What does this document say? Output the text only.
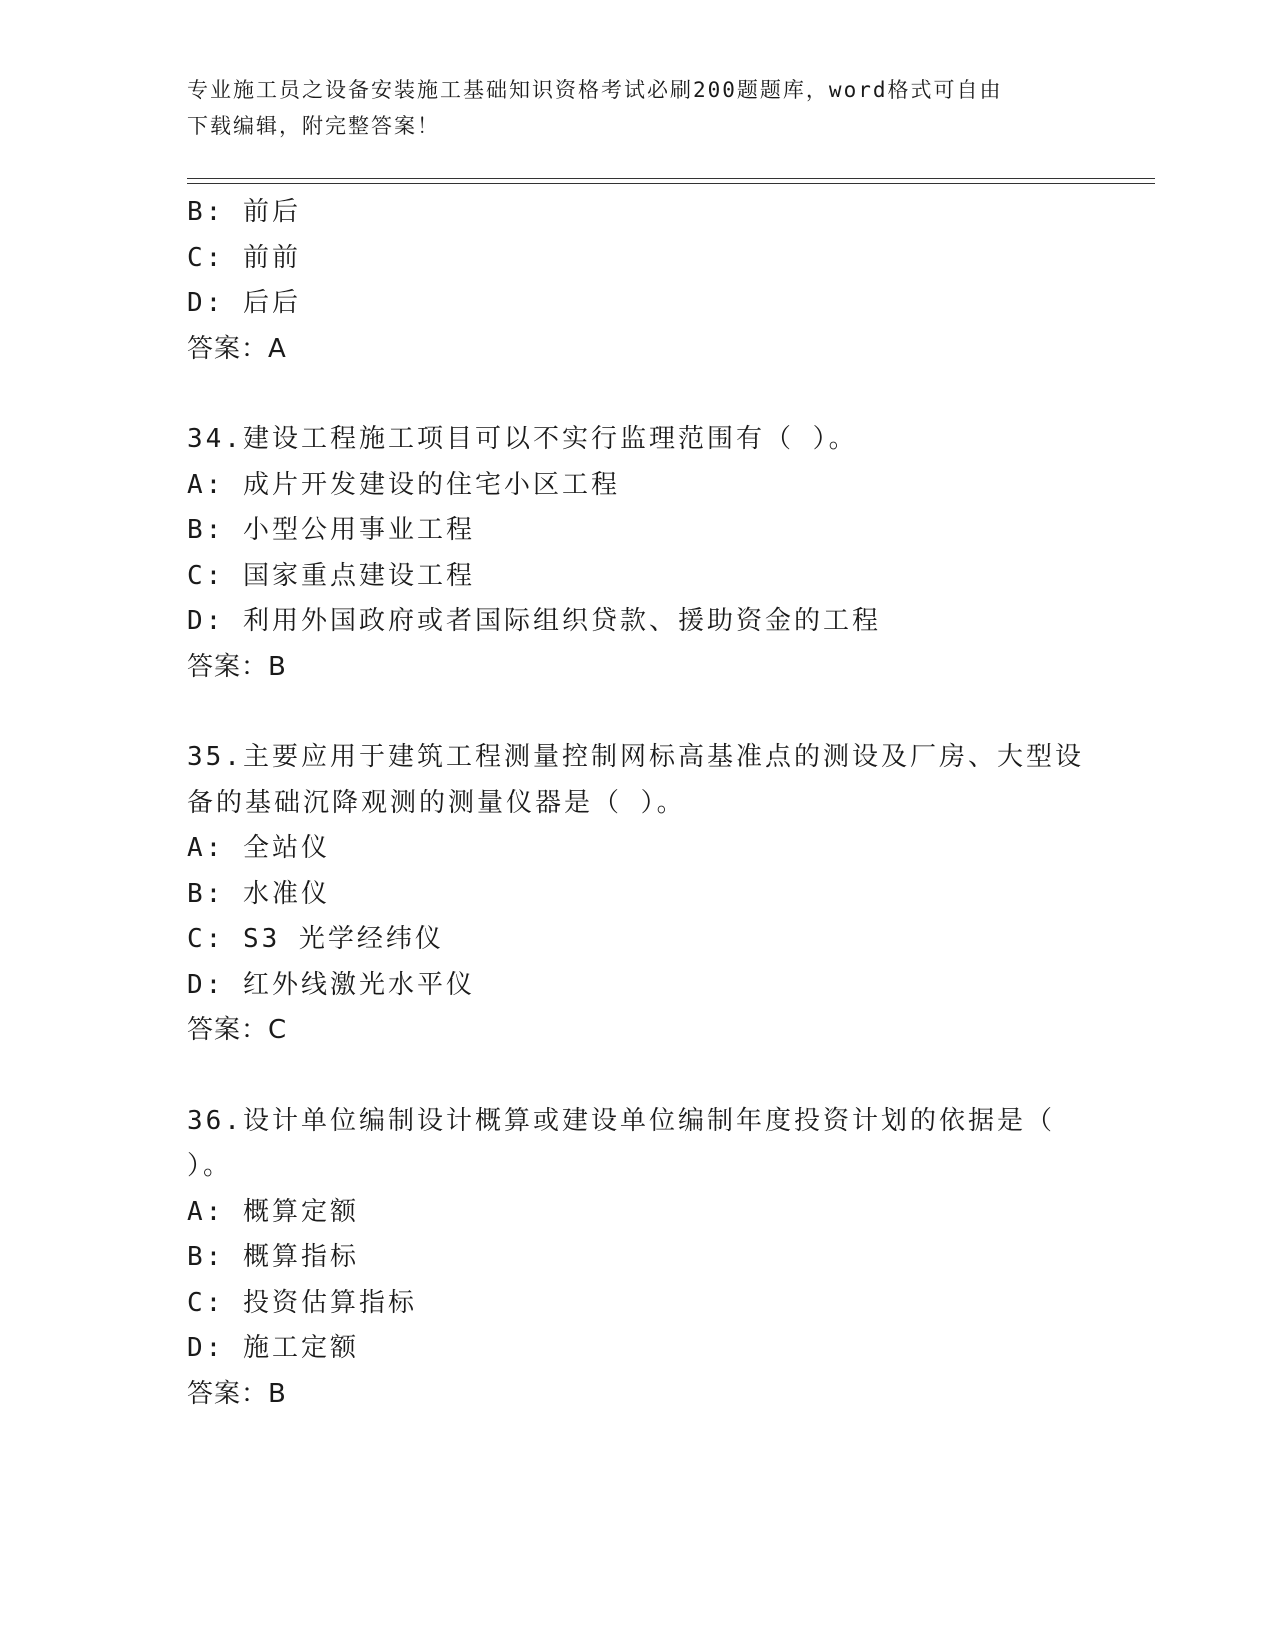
专业施工员之设备安装施工基础知识资格考试必刷200题题库，word格式可自由
下载编辑，附完整答案！
B: 前后
C: 前前
D: 后后
答案：A
34.建设工程施工项目可以不实行监理范围有（ ）。
A: 成片开发建设的住宅小区工程
B: 小型公用事业工程
C: 国家重点建设工程
D: 利用外国政府或者国际组织贷款、援助资金的工程
答案：B
35.主要应用于建筑工程测量控制网标高基准点的测设及厂房、大型设
备的基础沉降观测的测量仪器是（ ）。
A: 全站仪
B: 水准仪
C: S3 光学经纬仪
D: 红外线激光水平仪
答案：C
36.设计单位编制设计概算或建设单位编制年度投资计划的依据是（
）。
A: 概算定额
B: 概算指标
C: 投资估算指标
D: 施工定额
答案：B
